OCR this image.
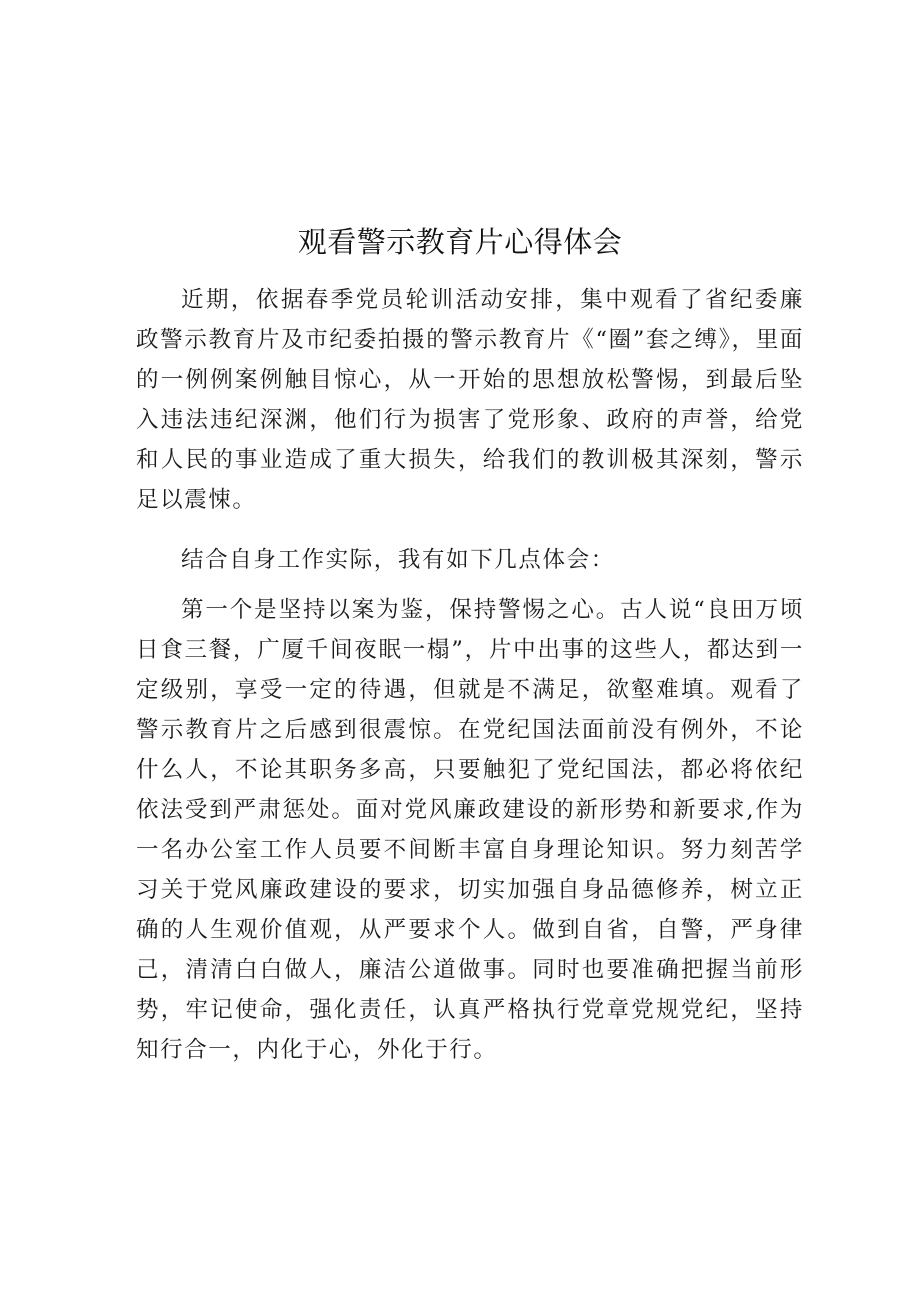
观看警示教育片心得体会

近期，依据春季党员轮训活动安排，集中观看了省纪委廉政警示教育片及市纪委拍摄的警示教育片《“圈”套之缚》，里面的一例例案例触目惊心，从一开始的思想放松警惕，到最后坠入违法违纪深渊，他们行为损害了党形象、政府的声誉，给党和人民的事业造成了重大损失，给我们的教训极其深刻，警示足以震悚。

结合自身工作实际，我有如下几点体会：

第一个是坚持以案为鉴，保持警惕之心。古人说“良田万顷日食三餐，广厦千间夜眠一榻”，片中出事的这些人，都达到一定级别，享受一定的待遇，但就是不满足，欲壑难填。观看了警示教育片之后感到很震惊。在党纪国法面前没有例外，不论什么人，不论其职务多高，只要触犯了党纪国法，都必将依纪依法受到严肃惩处。面对党风廉政建设的新形势和新要求,作为一名办公室工作人员要不间断丰富自身理论知识。努力刻苦学习关于党风廉政建设的要求，切实加强自身品德修养，树立正确的人生观价值观，从严要求个人。做到自省，自警，严身律己，清清白白做人，廉洁公道做事。同时也要准确把握当前形势，牢记使命，强化责任，认真严格执行党章党规党纪，坚持知行合一，内化于心，外化于行。
